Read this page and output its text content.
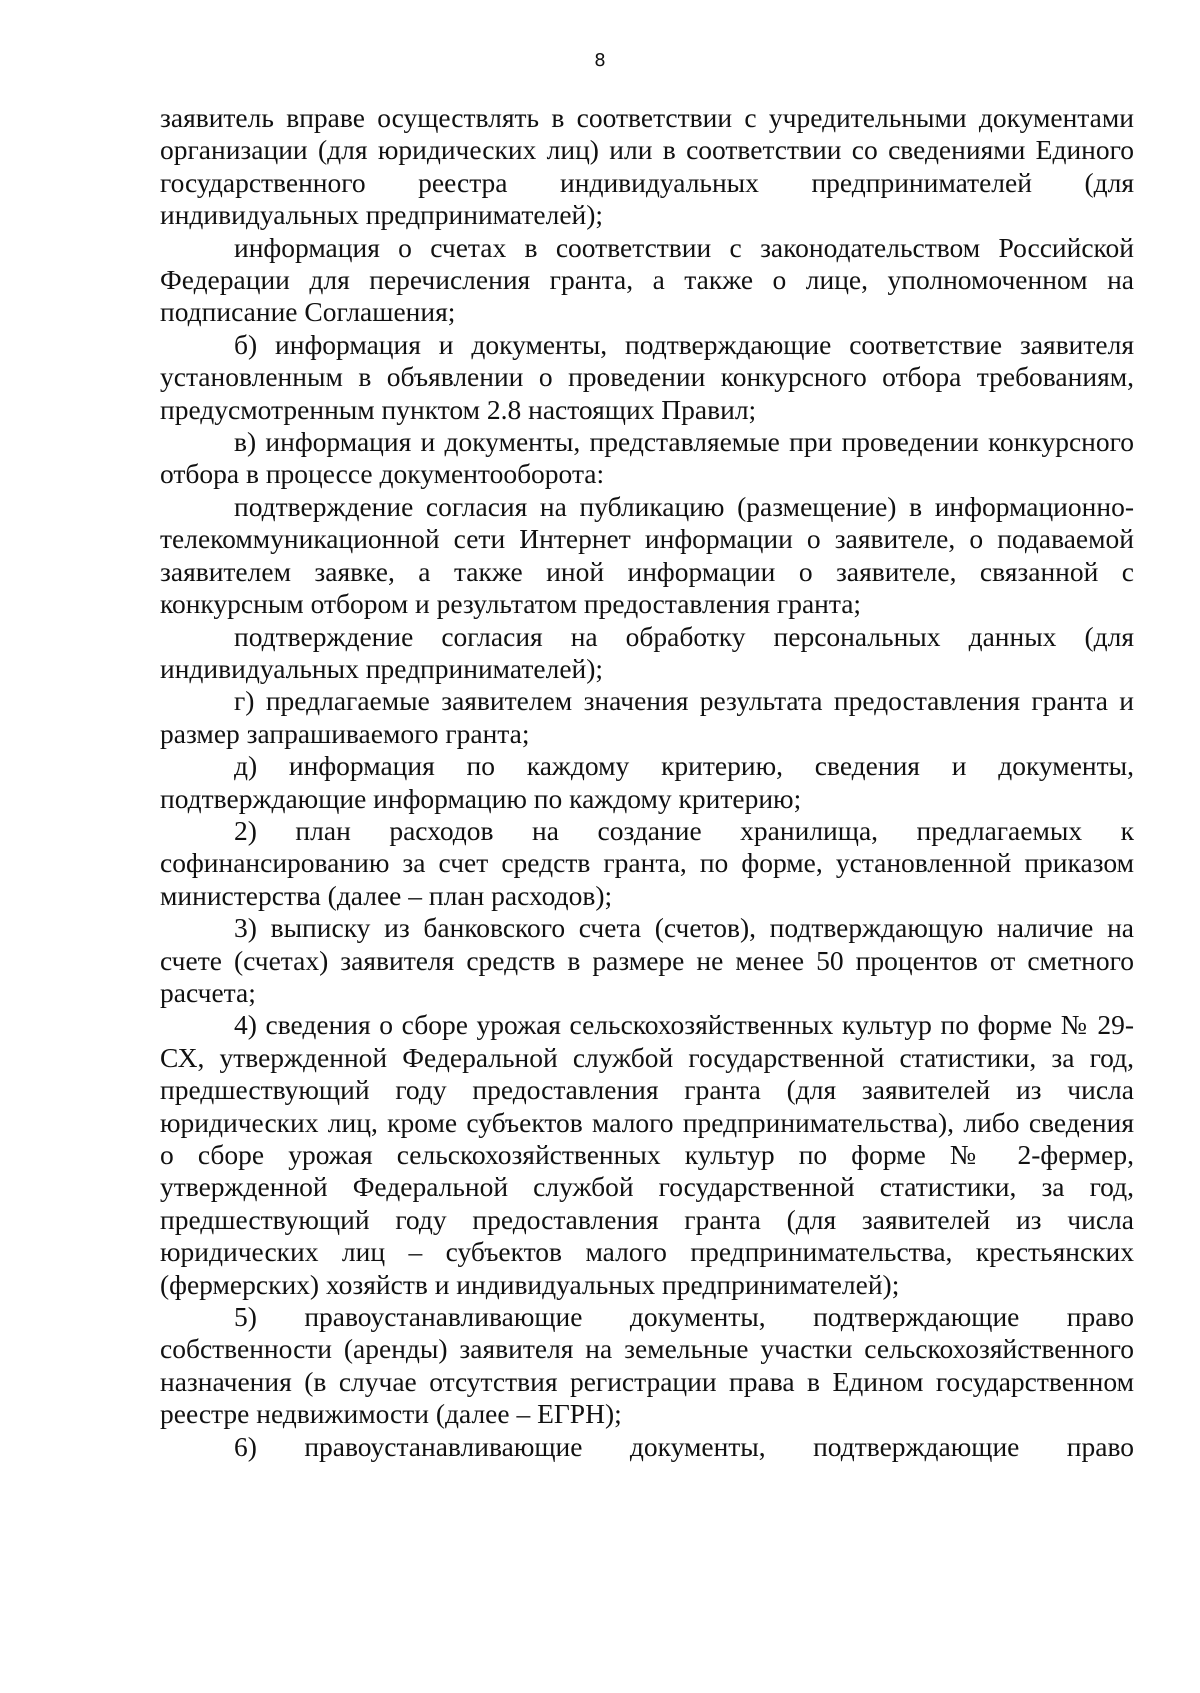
8

заявитель вправе осуществлять в соответствии с учредительными документами организации (для юридических лиц) или в соответствии со сведениями Единого государственного реестра индивидуальных предпринимателей (для индивидуальных предпринимателей);

информация о счетах в соответствии с законодательством Российской Федерации для перечисления гранта, а также о лице, уполномоченном на подписание Соглашения;

б) информация и документы, подтверждающие соответствие заявителя установленным в объявлении о проведении конкурсного отбора требованиям, предусмотренным пунктом 2.8 настоящих Правил;

в) информация и документы, представляемые при проведении конкурсного отбора в процессе документооборота:

подтверждение согласия на публикацию (размещение) в информационно-телекоммуникационной сети Интернет информации о заявителе, о подаваемой заявителем заявке, а также иной информации о заявителе, связанной с конкурсным отбором и результатом предоставления гранта;

подтверждение согласия на обработку персональных данных (для индивидуальных предпринимателей);

г) предлагаемые заявителем значения результата предоставления гранта и размер запрашиваемого гранта;

д) информация по каждому критерию, сведения и документы, подтверждающие информацию по каждому критерию;

2) план расходов на создание хранилища, предлагаемых к софинансированию за счет средств гранта, по форме, установленной приказом министерства (далее – план расходов);

3) выписку из банковского счета (счетов), подтверждающую наличие на счете (счетах) заявителя средств в размере не менее 50 процентов от сметного расчета;

4) сведения о сборе урожая сельскохозяйственных культур по форме № 29-СХ, утвержденной Федеральной службой государственной статистики, за год, предшествующий году предоставления гранта (для заявителей из числа юридических лиц, кроме субъектов малого предпринимательства), либо сведения о сборе урожая сельскохозяйственных культур по форме № 2-фермер, утвержденной Федеральной службой государственной статистики, за год, предшествующий году предоставления гранта (для заявителей из числа юридических лиц – субъектов малого предпринимательства, крестьянских (фермерских) хозяйств и индивидуальных предпринимателей);

5) правоустанавливающие документы, подтверждающие право собственности (аренды) заявителя на земельные участки сельскохозяйственного назначения (в случае отсутствия регистрации права в Едином государственном реестре недвижимости (далее – ЕГРН);

6) правоустанавливающие документы, подтверждающие право
